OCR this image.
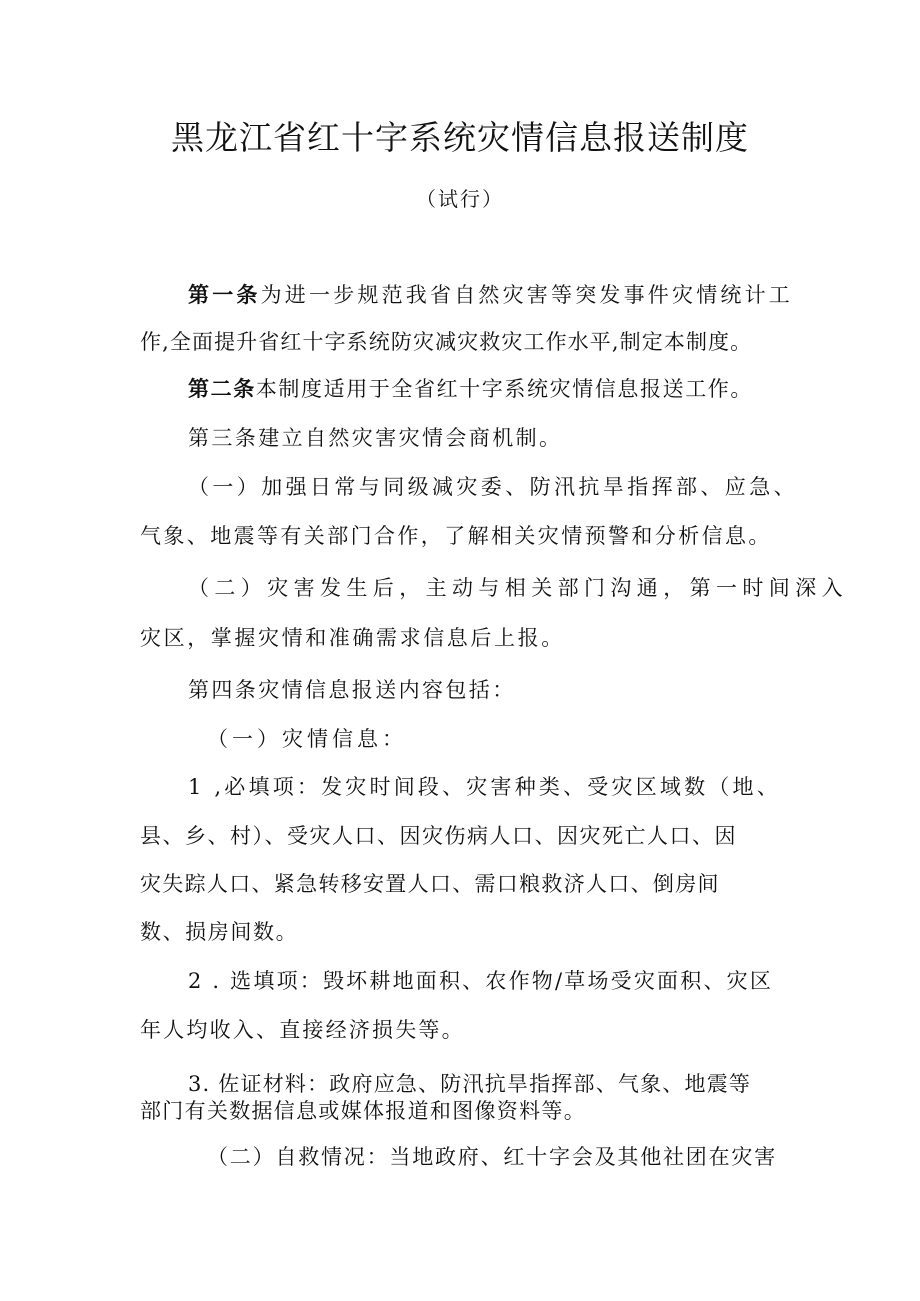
黑龙江省红十字系统灾情信息报送制度

（试行）

第一条为进一步规范我省自然灾害等突发事件灾情统计工

作,全面提升省红十字系统防灾减灾救灾工作水平,制定本制度。

第二条本制度适用于全省红十字系统灾情信息报送工作。

第三条建立自然灾害灾情会商机制。

（一）加强日常与同级减灾委、防汛抗旱指挥部、应急、

气象、地震等有关部门合作，了解相关灾情预警和分析信息。

（二）灾害发生后，主动与相关部门沟通，第一时间深入

灾区，掌握灾情和准确需求信息后上报。

第四条灾情信息报送内容包括：

（一）灾情信息：

1 ,必填项：发灾时间段、灾害种类、受灾区域数（地、

县、乡、村）、受灾人口、因灾伤病人口、因灾死亡人口、因

灾失踪人口、紧急转移安置人口、需口粮救济人口、倒房间

数、损房间数。

2 . 选填项：毁坏耕地面积、农作物/草场受灾面积、灾区

年人均收入、直接经济损失等。

3. 佐证材料：政府应急、防汛抗旱指挥部、气象、地震等

部门有关数据信息或媒体报道和图像资料等。

（二）自救情况：当地政府、红十字会及其他社团在灾害
